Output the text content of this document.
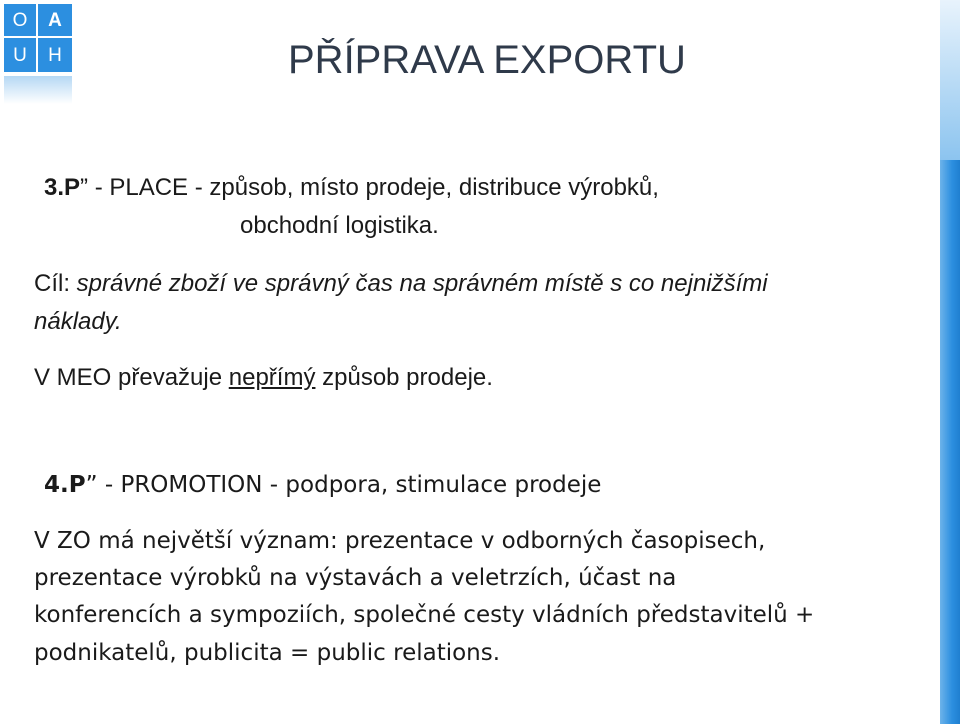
O	A
U	H	PŘÍPRAVA EXPORTU

3.P” - PLACE - způsob, místo prodeje, distribuce výrobků,

obchodní logistika.

Cíl: správné zboží ve správný čas na správném místě s co nejnižšími

náklady.

V MEO převažuje nepřímý způsob prodeje.

4.P” - PROMOTION - podpora, stimulace prodeje

V ZO má největší význam: prezentace v odborných časopisech,

prezentace výrobků na výstavách a veletrzích, účast na

konferencích a sympoziích, společné cesty vládních představitelů +

podnikatelů, publicita = public relations.
